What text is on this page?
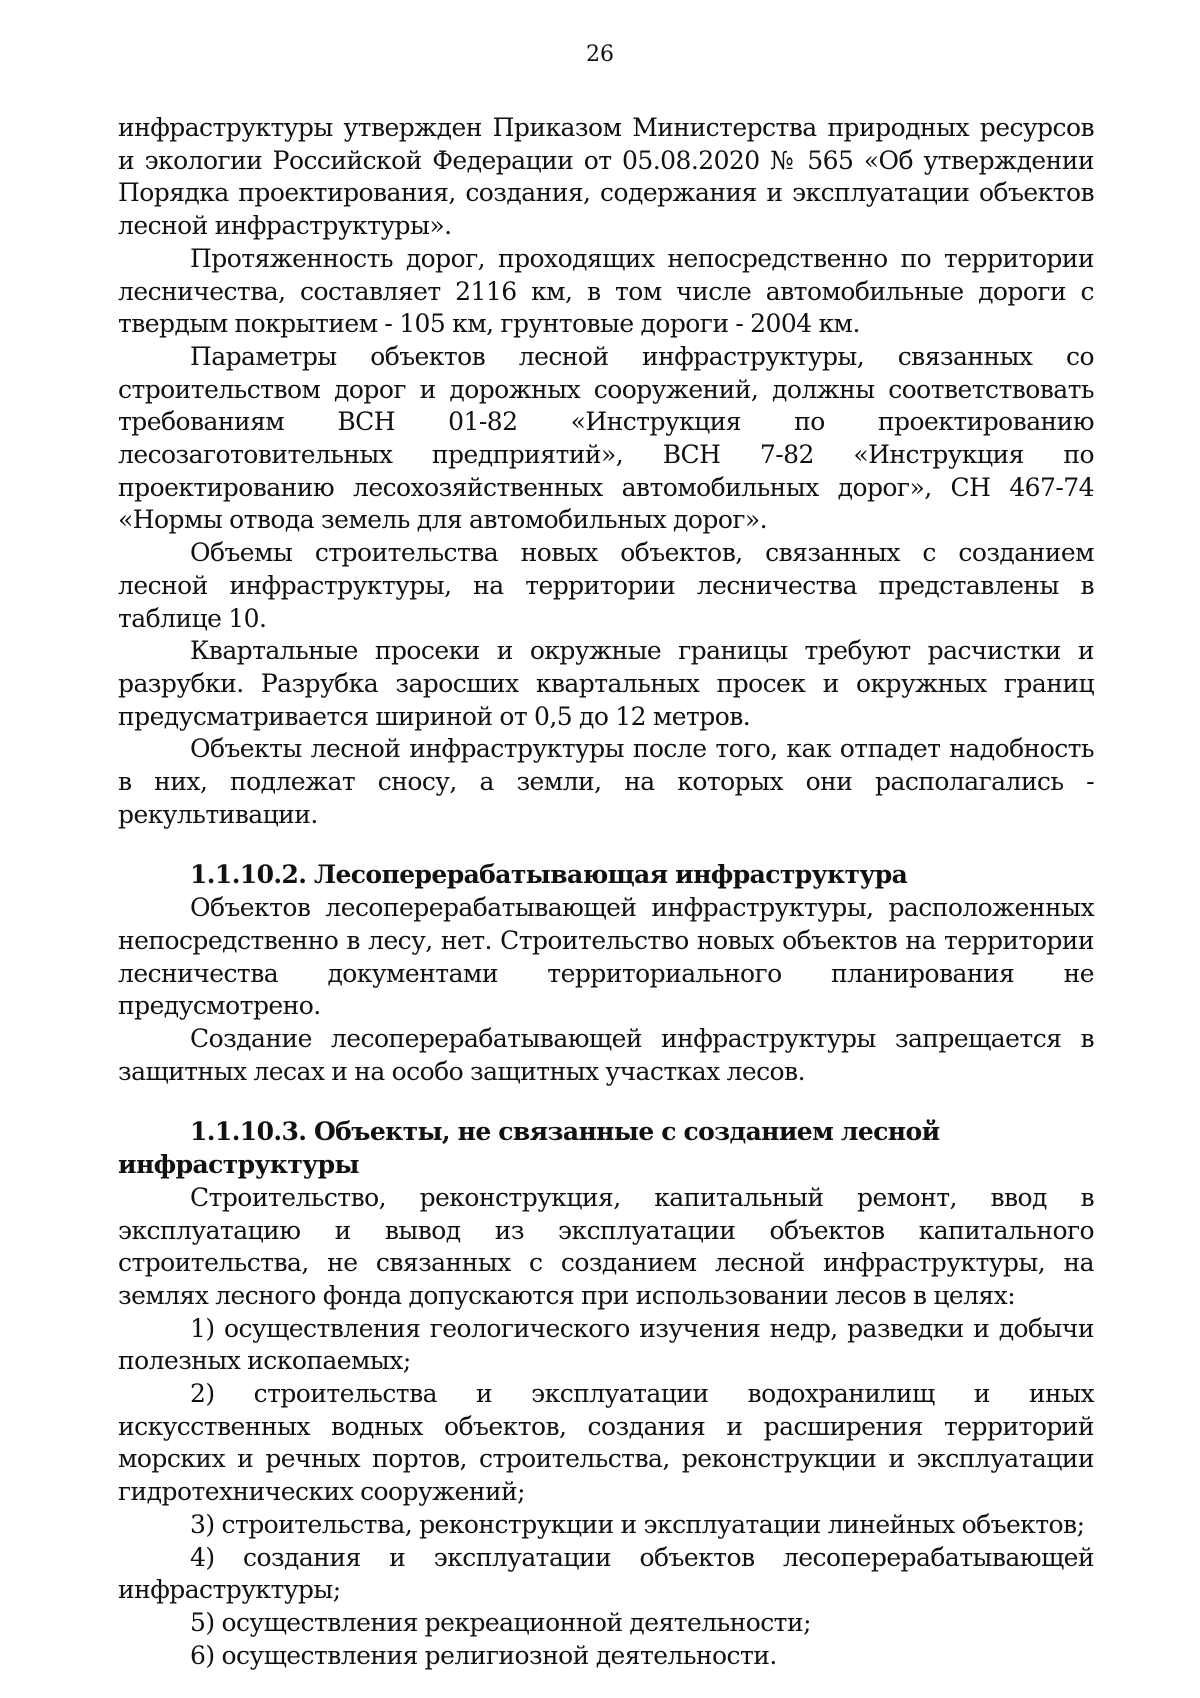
26

инфраструктуры утвержден Приказом Министерства природных ресурсов и экологии Российской Федерации от 05.08.2020 № 565 «Об утверждении Порядка проектирования, создания, содержания и эксплуатации объектов лесной инфраструктуры».

Протяженность дорог, проходящих непосредственно по территории лесничества, составляет 2116 км, в том числе автомобильные дороги с твердым покрытием - 105 км, грунтовые дороги - 2004 км.

Параметры объектов лесной инфраструктуры, связанных со строительством дорог и дорожных сооружений, должны соответствовать требованиям ВСН 01-82 «Инструкция по проектированию лесозаготовительных предприятий», ВСН 7-82 «Инструкция по проектированию лесохозяйственных автомобильных дорог», СН 467-74 «Нормы отвода земель для автомобильных дорог».

Объемы строительства новых объектов, связанных с созданием лесной инфраструктуры, на территории лесничества представлены в таблице 10.

Квартальные просеки и окружные границы требуют расчистки и разрубки. Разрубка заросших квартальных просек и окружных границ предусматривается шириной от 0,5 до 12 метров.

Объекты лесной инфраструктуры после того, как отпадет надобность в них, подлежат сносу, а земли, на которых они располагались - рекультивации.

1.1.10.2. Лесоперерабатывающая инфраструктура

Объектов лесоперерабатывающей инфраструктуры, расположенных непосредственно в лесу, нет. Строительство новых объектов на территории лесничества документами территориального планирования не предусмотрено.

Создание лесоперерабатывающей инфраструктуры запрещается в защитных лесах и на особо защитных участках лесов.

1.1.10.3. Объекты, не связанные с созданием лесной инфраструктуры

Строительство, реконструкция, капитальный ремонт, ввод в эксплуатацию и вывод из эксплуатации объектов капитального строительства, не связанных с созданием лесной инфраструктуры, на землях лесного фонда допускаются при использовании лесов в целях:

1) осуществления геологического изучения недр, разведки и добычи полезных ископаемых;

2) строительства и эксплуатации водохранилищ и иных искусственных водных объектов, создания и расширения территорий морских и речных портов, строительства, реконструкции и эксплуатации гидротехнических сооружений;

3) строительства, реконструкции и эксплуатации линейных объектов;

4) создания и эксплуатации объектов лесоперерабатывающей инфраструктуры;

5) осуществления рекреационной деятельности;

6) осуществления религиозной деятельности.
